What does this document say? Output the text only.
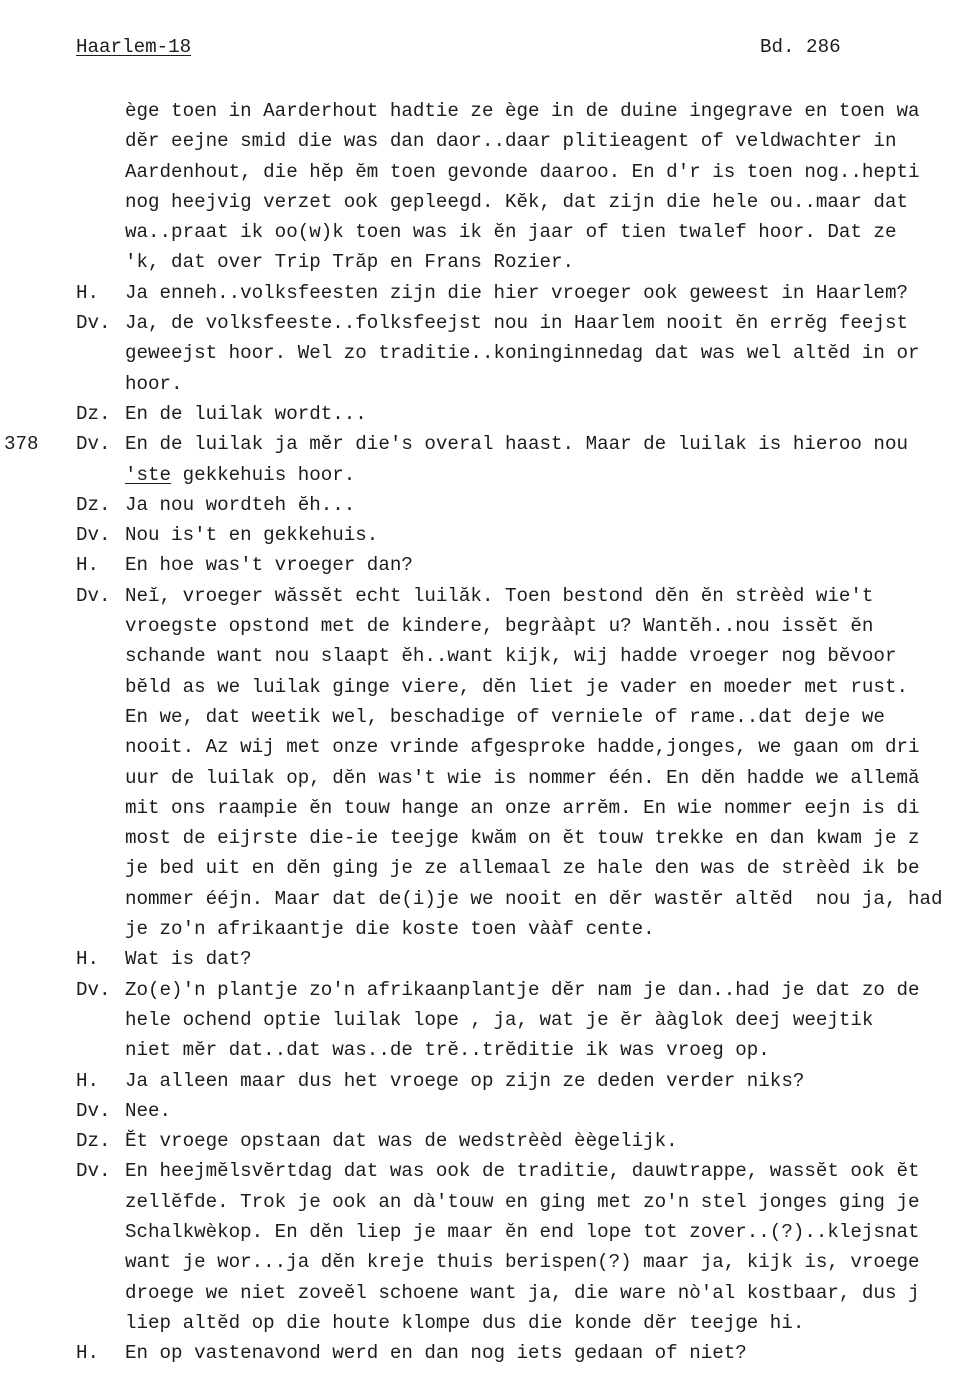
Haarlem-18

	Bd. 286

ège toen in Aarderhout hadtie ze ège in de duine ingegrave en toen wa
dĕr eejne smid die was dan daor..daar plitieagent of veldwachter in
Aardenhout, die hĕp ĕm toen gevonde daaroo. En d'r is toen nog..hepti
nog heejvig verzet ook gepleegd. Kĕk, dat zijn die hele ou..maar dat
wa..praat ik oo(w)k toen was ik ĕn jaar of tien twalef hoor. Dat ze
'k, dat over Trip Trăp en Frans Rozier.
H. Ja enneh..volksfeesten zijn die hier vroeger ook geweest in Haarlem?
Dv. Ja, de volksfeeste..folksfeejst nou in Haarlem nooit ĕn errĕg feejst
geweejst hoor. Wel zo traditie..koninginnedag dat was wel altĕd in or
hoor.
Dz. En de luilak wordt...
378 Dv. En de luilak ja mĕr die's overal haast. Maar de luilak is hieroo nou
'ste gekkehuis hoor.
Dz. Ja nou wordteh ĕh...
Dv. Nou is't en gekkehuis.
H. En hoe was't vroeger dan?
Dv. Neĭ, vroeger wăssĕt echt luilăk. Toen bestond dĕn ĕn strèèd wie't
vroegste opstond met de kindere, begrààpt u? Wantĕh..nou issĕt ĕn
schande want nou slaapt ĕh..want kijk, wij hadde vroeger nog bĕvoor
bĕld as we luilak ginge viere, dĕn liet je vader en moeder met rust.
En we, dat weetik wel, beschadige of verniele of rame..dat deje we
nooit. Az wij met onze vrinde afgesproke hadde,jonges, we gaan om dri
uur de luilak op, dĕn was't wie is nommer één. En dĕn hadde we allemă
mit ons raampie ĕn touw hange an onze arrĕm. En wie nommer eejn is di
most de eijrste die-ie teejge kwăm on ĕt touw trekke en dan kwam je z
je bed uit en dĕn ging je ze allemaal ze hale den was de strèèd ik be
nommer ééjn. Maar dat de(i)je we nooit en dĕr wastĕr altĕd  nou ja, had
je zo'n afrikaantje die koste toen vààf cente.
H. Wat is dat?
Dv. Zo(e)'n plantje zo'n afrikaanplantje dĕr nam je dan..had je dat zo de
hele ochend optie luilak lope , ja, wat je ĕr ààglok deej weejtik
niet mĕr dat..dat was..de trĕ..trĕditie ik was vroeg op.
H. Ja alleen maar dus het vroege op zijn ze deden verder niks?
Dv. Nee.
Dz. Ĕt vroege opstaan dat was de wedstrèèd èègelijk.
Dv. En heejmĕlsvĕrtdag dat was ook de traditie, dauwtrappe, wassĕt ook ĕt
zellĕfde. Trok je ook an dà'touw en ging met zo'n stel jonges ging je
Schalkwèkop. En dĕn liep je maar ĕn end lope tot zover..(?)..klejsnat
want je wor...ja dĕn kreje thuis berispen(?) maar ja, kijk is, vroege
droege we niet zoveĕl schoene want ja, die ware nò'al kostbaar, dus j
liep altĕd op die houte klompe dus die konde dĕr teejge hi.
H. En op vastenavond werd en dan nog iets gedaan of niet?
